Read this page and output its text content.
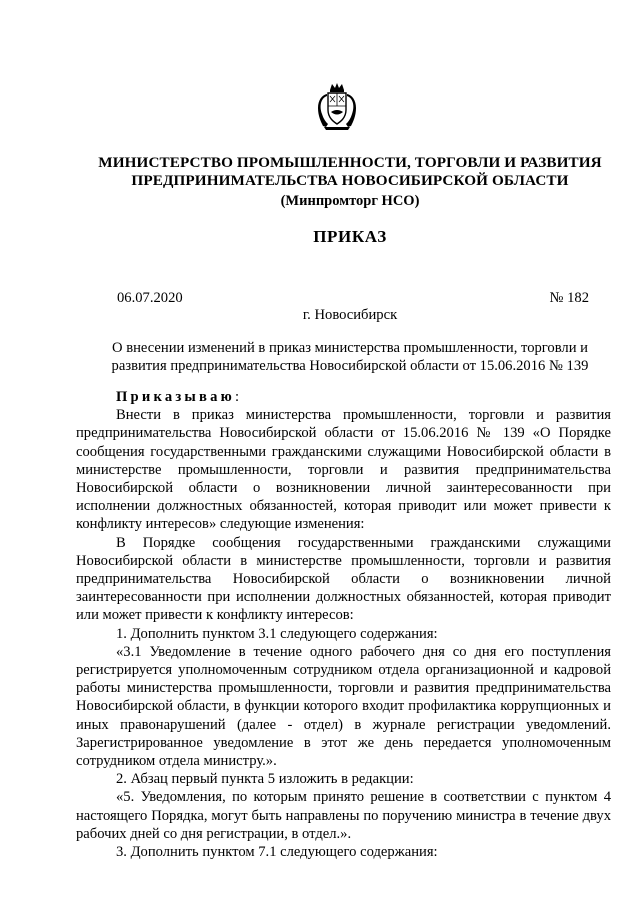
МИНИСТЕРСТВО ПРОМЫШЛЕННОСТИ, ТОРГОВЛИ И РАЗВИТИЯ
ПРЕДПРИНИМАТЕЛЬСТВА НОВОСИБИРСКОЙ ОБЛАСТИ
(Минпромторг НСО)
ПРИКАЗ
06.07.2020	№ 182
г. Новосибирск
О внесении изменений в приказ министерства промышленности, торговли и
развития предпринимательства Новосибирской области от 15.06.2016 № 139

Приказываю:

Внести в приказ министерства промышленности, торговли и развития предпринимательства Новосибирской области от 15.06.2016 № 139 «О Порядке сообщения государственными гражданскими служащими Новосибирской области в министерстве промышленности, торговли и развития предпринимательства Новосибирской области о возникновении личной заинтересованности при исполнении должностных обязанностей, которая приводит или может привести к конфликту интересов» следующие изменения:

В Порядке сообщения государственными гражданскими служащими Новосибирской области в министерстве промышленности, торговли и развития предпринимательства Новосибирской области о возникновении личной заинтересованности при исполнении должностных обязанностей, которая приводит или может привести к конфликту интересов:

1. Дополнить пунктом 3.1 следующего содержания:

«3.1 Уведомление в течение одного рабочего дня со дня его поступления регистрируется уполномоченным сотрудником отдела организационной и кадровой работы министерства промышленности, торговли и развития предпринимательства Новосибирской области, в функции которого входит профилактика коррупционных и иных правонарушений (далее - отдел) в журнале регистрации уведомлений. Зарегистрированное уведомление в этот же день передается уполномоченным сотрудником отдела министру.».

2. Абзац первый пункта 5 изложить в редакции:

«5. Уведомления, по которым принято решение в соответствии с пунктом 4 настоящего Порядка, могут быть направлены по поручению министра в течение двух рабочих дней со дня регистрации, в отдел.».

3. Дополнить пунктом 7.1 следующего содержания:
